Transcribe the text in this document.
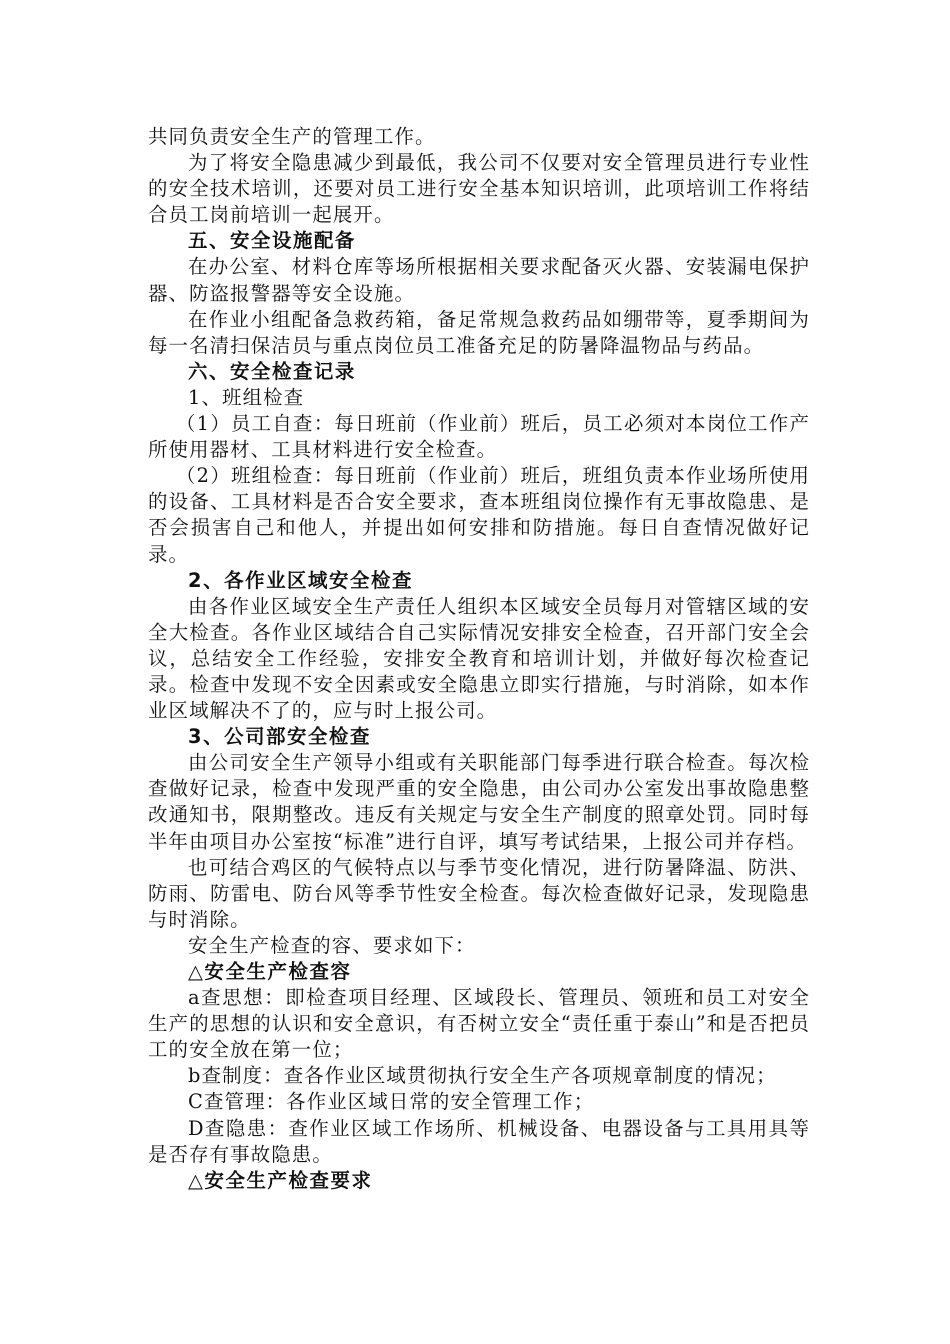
共同负责安全生产的管理工作。

为了将安全隐患减少到最低，我公司不仅要对安全管理员进行专业性的安全技术培训，还要对员工进行安全基本知识培训，此项培训工作将结合员工岗前培训一起展开。

五、安全设施配备

在办公室、材料仓库等场所根据相关要求配备灭火器、安装漏电保护器、防盗报警器等安全设施。

在作业小组配备急救药箱，备足常规急救药品如绷带等，夏季期间为每一名清扫保洁员与重点岗位员工准备充足的防暑降温物品与药品。

六、安全检查记录

1、班组检查

（1）员工自查：每日班前（作业前）班后，员工必须对本岗位工作产所使用器材、工具材料进行安全检查。

（2）班组检查：每日班前（作业前）班后，班组负责本作业场所使用的设备、工具材料是否合安全要求，查本班组岗位操作有无事故隐患、是否会损害自己和他人，并提出如何安排和防措施。每日自查情况做好记录。

2、各作业区域安全检查

由各作业区域安全生产责任人组织本区域安全员每月对管辖区域的安全大检查。各作业区域结合自己实际情况安排安全检查，召开部门安全会议，总结安全工作经验，安排安全教育和培训计划，并做好每次检查记录。检查中发现不安全因素或安全隐患立即实行措施，与时消除，如本作业区域解决不了的，应与时上报公司。

3、公司部安全检查

由公司安全生产领导小组或有关职能部门每季进行联合检查。每次检查做好记录，检查中发现严重的安全隐患，由公司办公室发出事故隐患整改通知书，限期整改。违反有关规定与安全生产制度的照章处罚。同时每半年由项目办公室按“标准”进行自评，填写考试结果，上报公司并存档。

也可结合鸡区的气候特点以与季节变化情况，进行防暑降温、防洪、防雨、防雷电、防台风等季节性安全检查。每次检查做好记录，发现隐患与时消除。

安全生产检查的容、要求如下：

△安全生产检查容

a查思想：即检查项目经理、区域段长、管理员、领班和员工对安全生产的思想的认识和安全意识，有否树立安全“责任重于泰山”和是否把员工的安全放在第一位；

b查制度：查各作业区域贯彻执行安全生产各项规章制度的情况；

C查管理：各作业区域日常的安全管理工作；

D查隐患：查作业区域工作场所、机械设备、电器设备与工具用具等是否存有事故隐患。

△安全生产检查要求
